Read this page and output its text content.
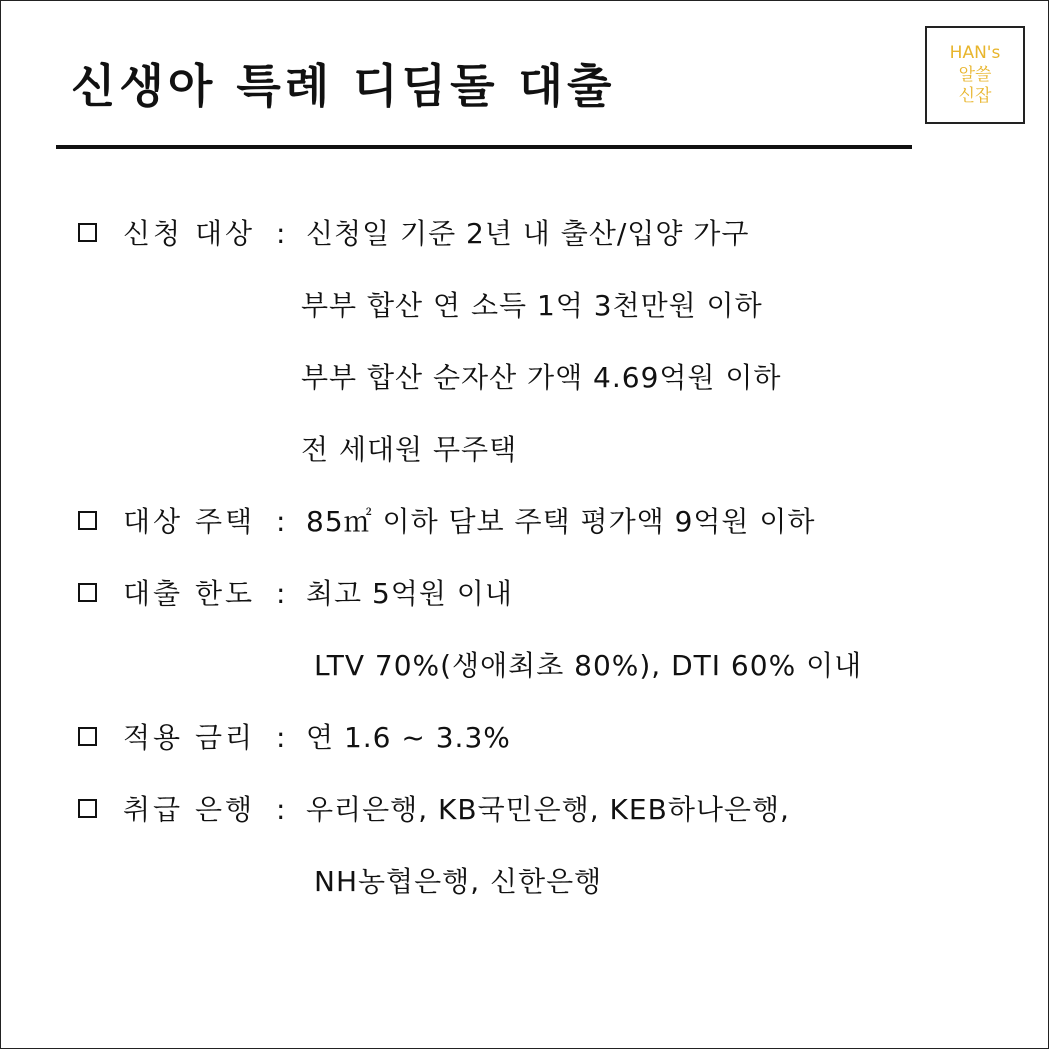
신생아 특례 디딤돌 대출
HAN's
알쓸
신잡
신청 대상 : 신청일 기준 2년 내 출산/입양 가구
부부 합산 연 소득 1억 3천만원 이하
부부 합산 순자산 가액 4.69억원 이하
전 세대원 무주택
대상 주택 : 85㎡ 이하 담보 주택 평가액 9억원 이하
대출 한도 : 최고 5억원 이내
LTV 70%(생애최초 80%), DTI 60% 이내
적용 금리 : 연 1.6 ~ 3.3%
취급 은행 : 우리은행, KB국민은행, KEB하나은행,
NH농협은행, 신한은행
